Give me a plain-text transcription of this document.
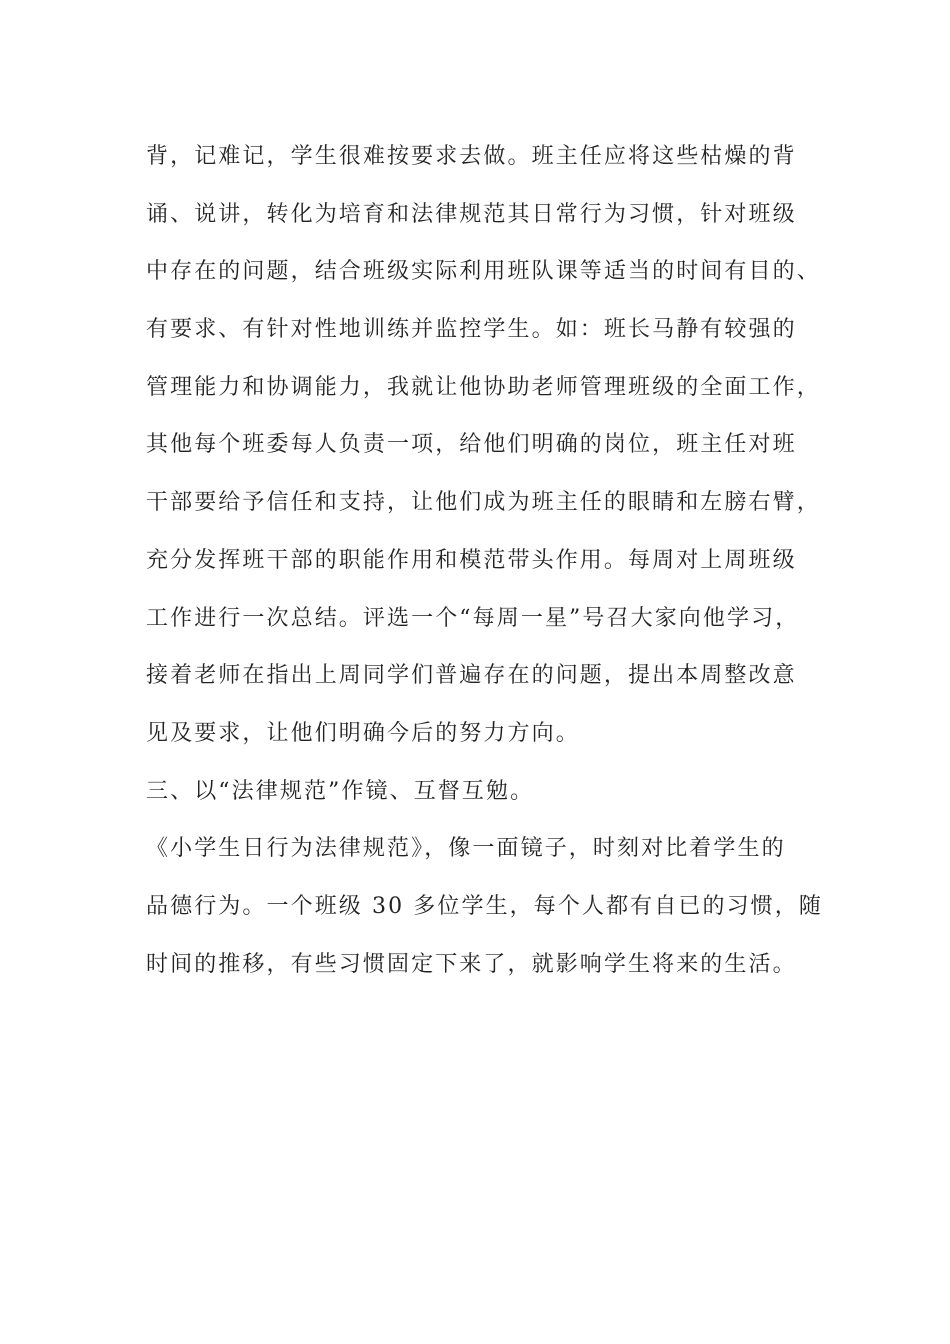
背，记难记，学生很难按要求去做。班主任应将这些枯燥的背

诵、说讲，转化为培育和法律规范其日常行为习惯，针对班级

中存在的问题，结合班级实际利用班队课等适当的时间有目的、

有要求、有针对性地训练并监控学生。如：班长马静有较强的

管理能力和协调能力，我就让他协助老师管理班级的全面工作，

其他每个班委每人负责一项，给他们明确的岗位，班主任对班

干部要给予信任和支持，让他们成为班主任的眼睛和左膀右臂，

充分发挥班干部的职能作用和模范带头作用。每周对上周班级

工作进行一次总结。评选一个“每周一星”号召大家向他学习，

接着老师在指出上周同学们普遍存在的问题，提出本周整改意

见及要求，让他们明确今后的努力方向。

三、以“法律规范”作镜、互督互勉。

《小学生日行为法律规范》，像一面镜子，时刻对比着学生的

品德行为。一个班级 30 多位学生，每个人都有自已的习惯，随

时间的推移，有些习惯固定下来了，就影响学生将来的生活。
